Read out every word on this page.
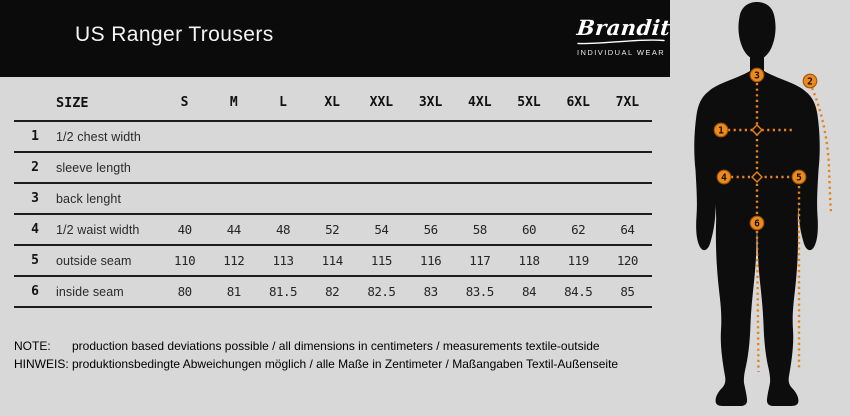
US Ranger Trousers	Brandit
INDIVIDUAL WEAR
SIZE	S	M	L	XL	XXL	3XL	4XL	5XL	6XL	7XL
1	1/2 chest width
2	sleeve length
3	back lenght
4	1/2 waist width	40	44	48	52	54	56	58	60	62	64
5	outside seam	110	112	113	114	115	116	117	118	119	120
6	inside seam	80	81	81.5	82	82.5	83	83.5	84	84.5	85
NOTE:	production based deviations possible / all dimensions in centimeters / measurements textile-outside
HINWEIS: produktionsbedingte Abweichungen möglich / alle Maße in Zentimeter / Maßangaben Textil-Außenseite
1
2
3
4	5
6
